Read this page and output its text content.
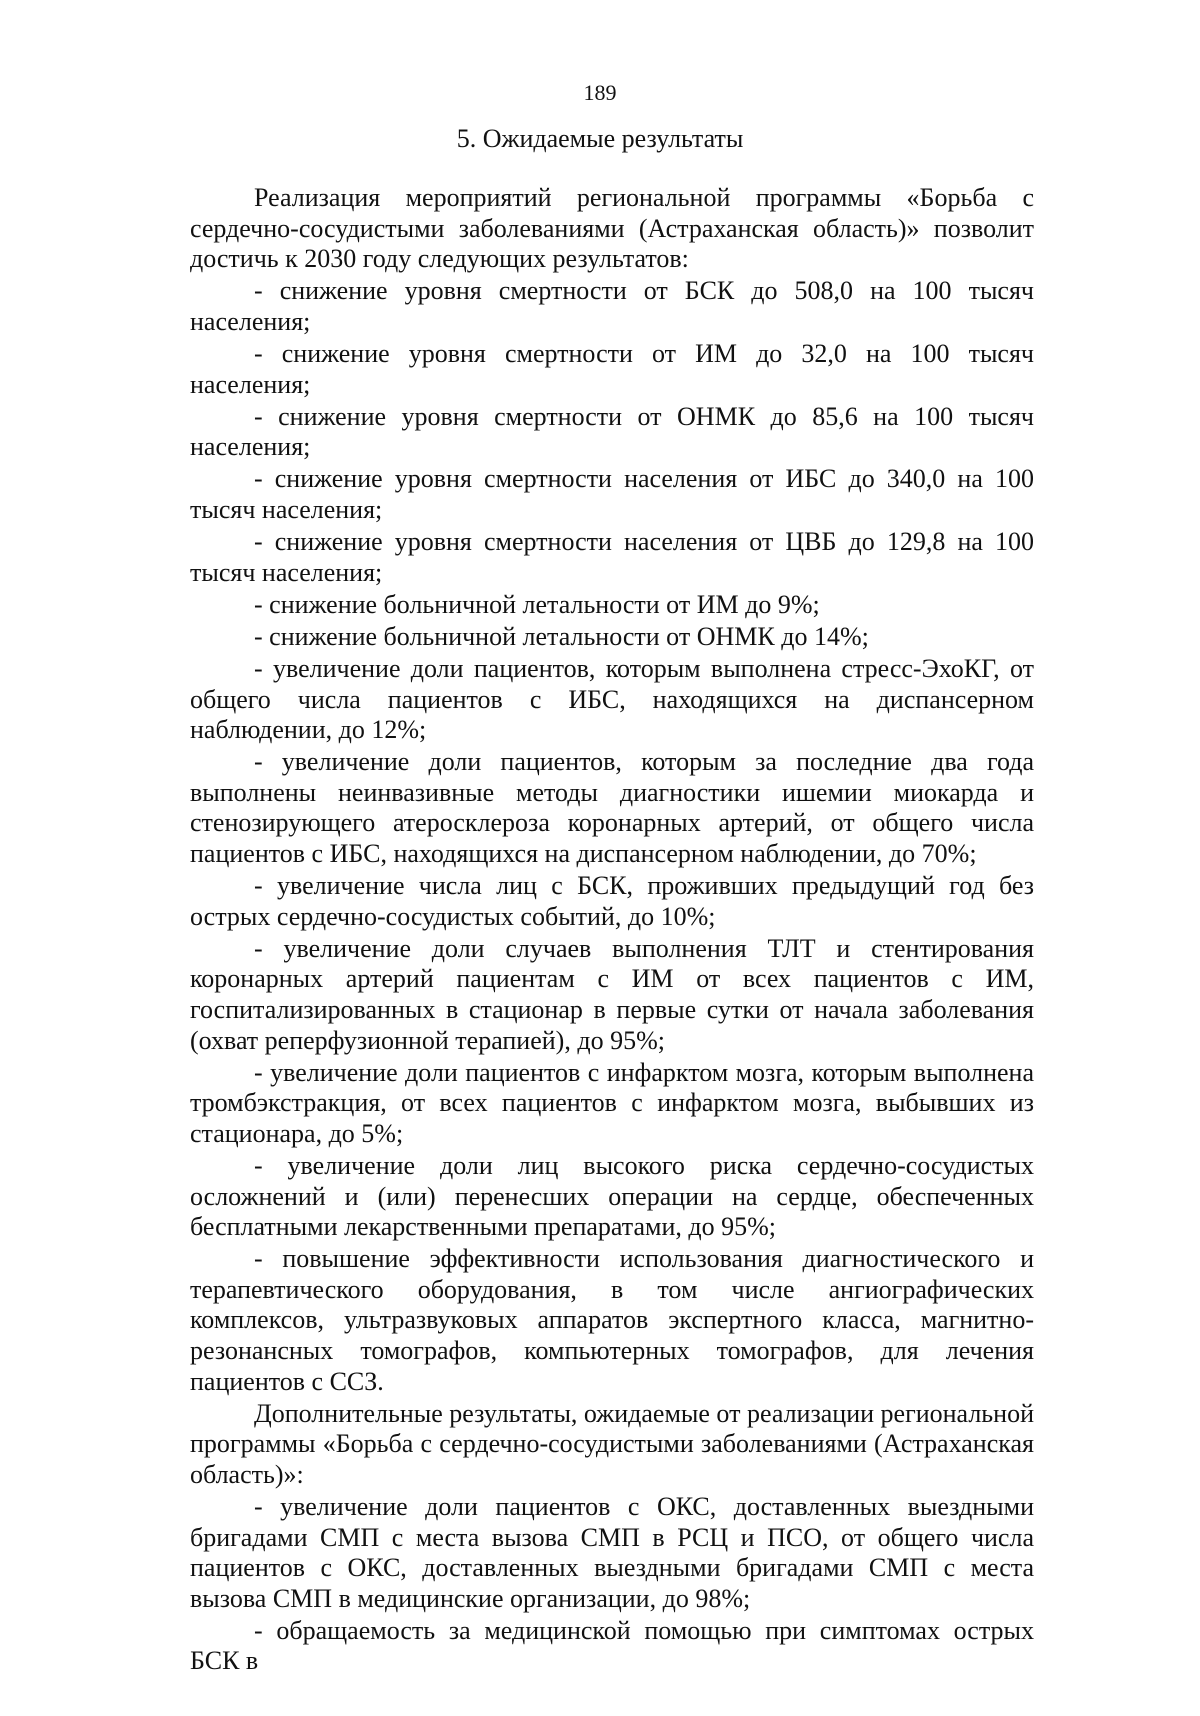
189
5. Ожидаемые результаты

Реализация мероприятий региональной программы «Борьба с сердечно-сосудистыми заболеваниями (Астраханская область)» позволит достичь к 2030 году следующих результатов:

- снижение уровня смертности от БСК до 508,0 на 100 тысяч населения;

- снижение уровня смертности от ИМ до 32,0 на 100 тысяч населения;

- снижение уровня смертности от ОНМК до 85,6 на 100 тысяч населения;

- снижение уровня смертности населения от ИБС до 340,0 на 100 тысяч населения;

- снижение уровня смертности населения от ЦВБ до 129,8 на 100 тысяч населения;

- снижение больничной летальности от ИМ до 9%;

- снижение больничной летальности от ОНМК до 14%;

- увеличение доли пациентов, которым выполнена стресс-ЭхоКГ, от общего числа пациентов с ИБС, находящихся на диспансерном наблюдении, до 12%;

- увеличение доли пациентов, которым за последние два года выполнены неинвазивные методы диагностики ишемии миокарда и стенозирующего атеросклероза коронарных артерий, от общего числа пациентов с ИБС, находящихся на диспансерном наблюдении, до 70%;

- увеличение числа лиц с БСК, проживших предыдущий год без острых сердечно-сосудистых событий, до 10%;

- увеличение доли случаев выполнения ТЛТ и стентирования коронарных артерий пациентам с ИМ от всех пациентов с ИМ, госпитализированных в стационар в первые сутки от начала заболевания (охват реперфузионной терапией), до 95%;

- увеличение доли пациентов с инфарктом мозга, которым выполнена тромбэкстракция, от всех пациентов с инфарктом мозга, выбывших из стационара, до 5%;

- увеличение доли лиц высокого риска сердечно-сосудистых осложнений и (или) перенесших операции на сердце, обеспеченных бесплатными лекарственными препаратами, до 95%;

- повышение эффективности использования диагностического и терапевтического оборудования, в том числе ангиографических комплексов, ультразвуковых аппаратов экспертного класса, магнитно-резонансных томографов, компьютерных томографов, для лечения пациентов с ССЗ.

Дополнительные результаты, ожидаемые от реализации региональной программы «Борьба с сердечно-сосудистыми заболеваниями (Астраханская область)»:

- увеличение доли пациентов с ОКС, доставленных выездными бригадами СМП с места вызова СМП в РСЦ и ПСО, от общего числа пациентов с ОКС, доставленных выездными бригадами СМП с места вызова СМП в медицинские организации, до 98%;

- обращаемость за медицинской помощью при симптомах острых БСК в
